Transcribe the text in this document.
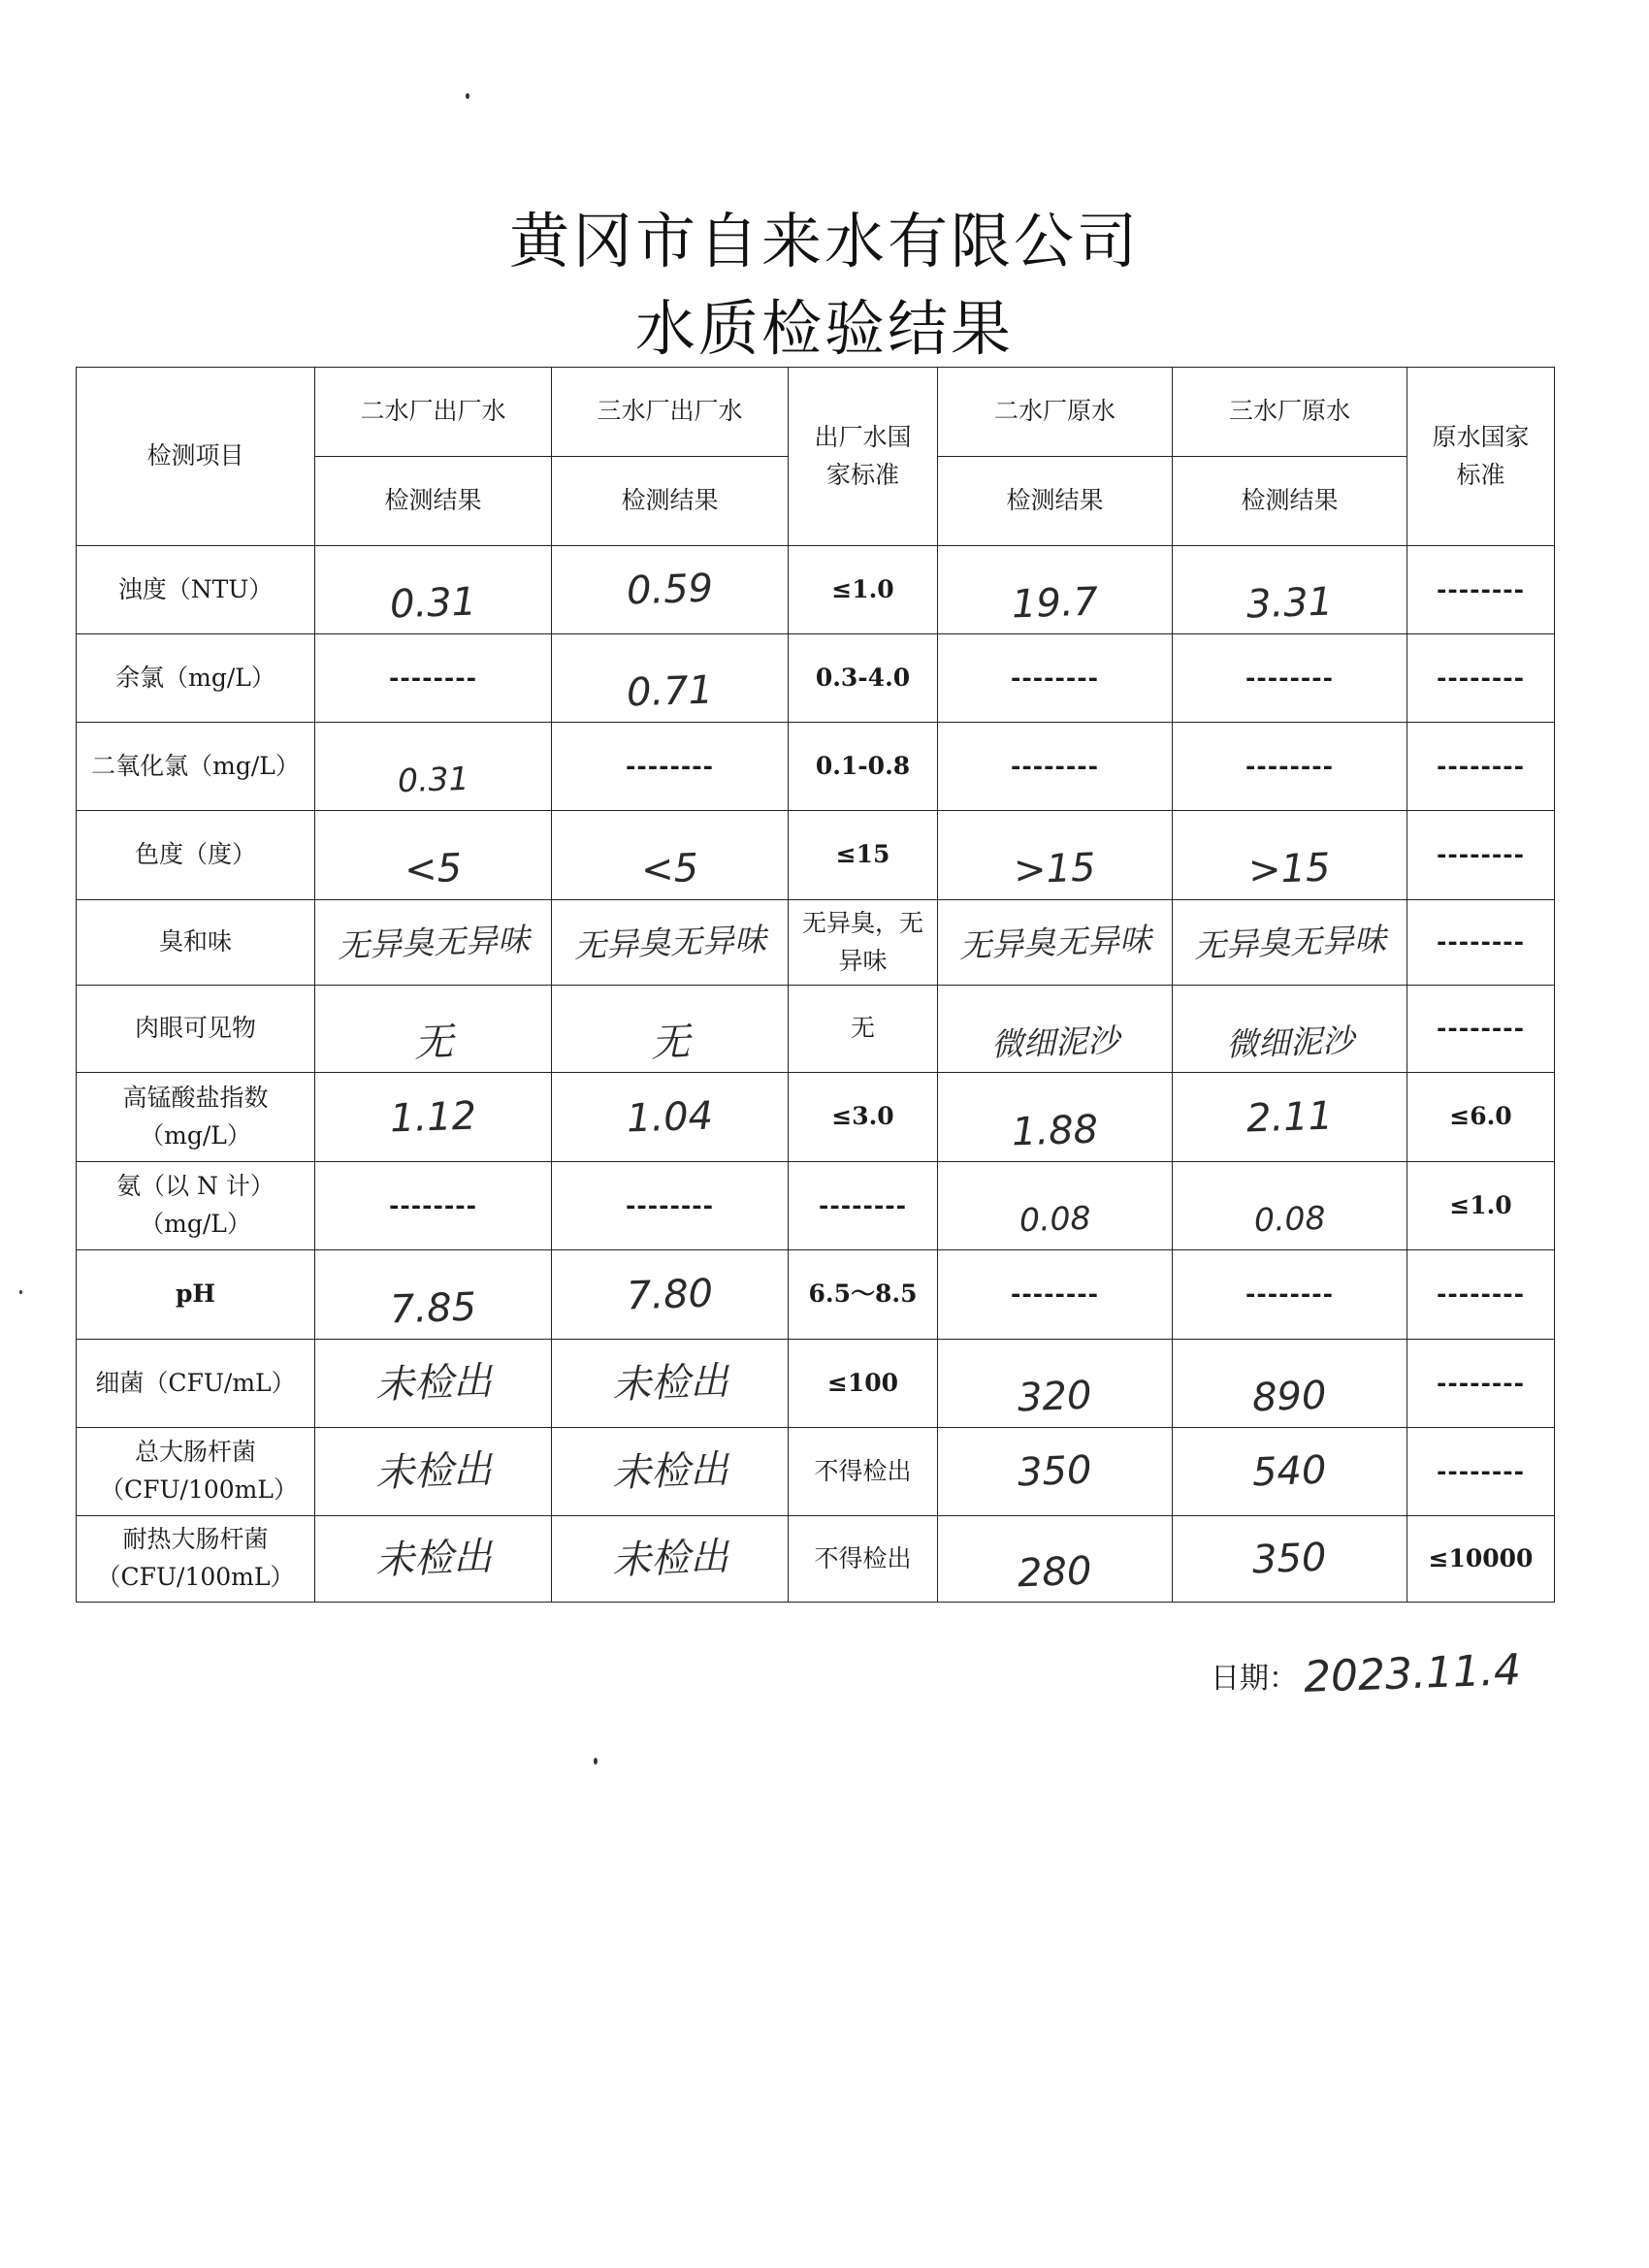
黄冈市自来水有限公司
水质检验结果
检测项目	二水厂出厂水	三水厂出厂水	出厂水国家标准	二水厂原水	三水厂原水	原水国家标准
	检测结果	检测结果		检测结果	检测结果	
浊度（NTU）	0.31	0.59	≤1.0	19.7	3.31	--------
余氯（mg/L）	--------	0.71	0.3-4.0	--------	--------	--------
二氧化氯（mg/L）	0.31	--------	0.1-0.8	--------	--------	--------
色度（度）	<5	<5	≤15	>15	>15	--------
臭和味	无异臭无异味	无异臭无异味	无异臭，无异味	无异臭无异味	无异臭无异味	--------
肉眼可见物	无	无	无	微细泥沙	微细泥沙	--------
高锰酸盐指数（mg/L）	1.12	1.04	≤3.0	1.88	2.11	≤6.0
氨（以 N 计）（mg/L）	--------	--------	--------	0.08	0.08	≤1.0
pH	7.85	7.80	6.5～8.5	--------	--------	--------
细菌（CFU/mL）	未检出	未检出	≤100	320	890	--------
总大肠杆菌（CFU/100mL）	未检出	未检出	不得检出	350	540	--------
耐热大肠杆菌（CFU/100mL）	未检出	未检出	不得检出	280	350	≤10000
日期： 2023.11.4
